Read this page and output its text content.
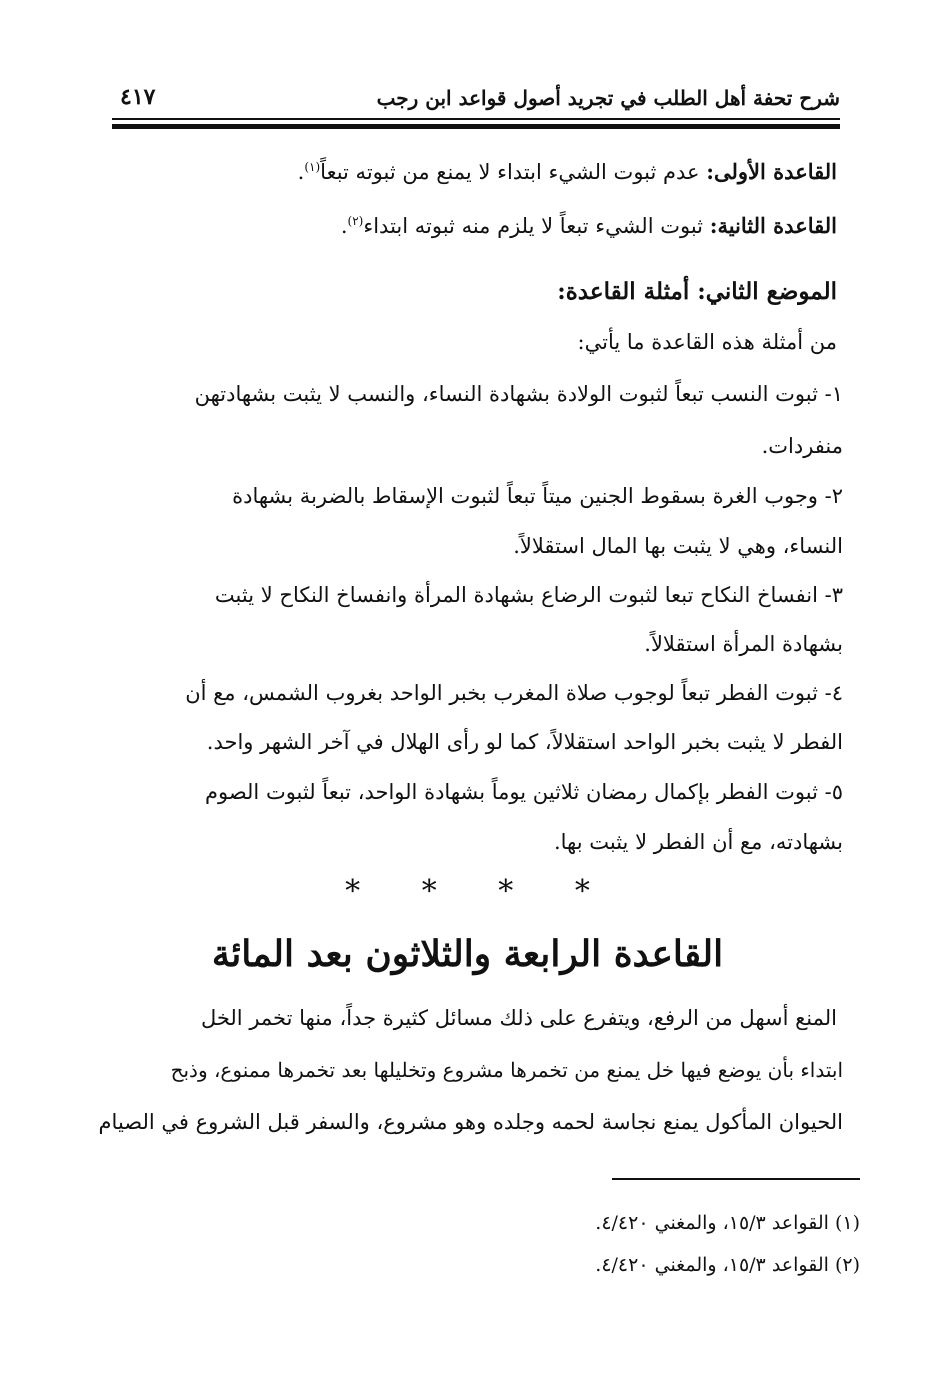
شرح تحفة أهل الطلب في تجريد أصول قواعد ابن رجب
٤١٧
القاعدة الأولى: عدم ثبوت الشيء ابتداء لا يمنع من ثبوته تبعاً$^{(١)}$.
القاعدة الثانية: ثبوت الشيء تبعاً لا يلزم منه ثبوته ابتداء$^{(٢)}$.
الموضع الثاني: أمثلة القاعدة:
من أمثلة هذه القاعدة ما يأتي:
١- ثبوت النسب تبعاً لثبوت الولادة بشهادة النساء، والنسب لا يثبت بشهادتهن
منفردات.
٢- وجوب الغرة بسقوط الجنين ميتاً تبعاً لثبوت الإسقاط بالضربة بشهادة
النساء، وهي لا يثبت بها المال استقلالاً.
٣- انفساخ النكاح تبعا لثبوت الرضاع بشهادة المرأة وانفساخ النكاح لا يثبت
بشهادة المرأة استقلالاً.
٤- ثبوت الفطر تبعاً لوجوب صلاة المغرب بخبر الواحد بغروب الشمس، مع أن
الفطر لا يثبت بخبر الواحد استقلالاً، كما لو رأى الهلال في آخر الشهر واحد.
٥- ثبوت الفطر بإكمال رمضان ثلاثين يوماً بشهادة الواحد، تبعاً لثبوت الصوم
بشهادته، مع أن الفطر لا يثبت بها.
* * * *
القاعدة الرابعة والثلاثون بعد المائة
المنع أسهل من الرفع، ويتفرع على ذلك مسائل كثيرة جداً، منها تخمر الخل
ابتداء بأن يوضع فيها خل يمنع من تخمرها مشروع وتخليلها بعد تخمرها ممنوع، وذبح
الحيوان المأكول يمنع نجاسة لحمه وجلده وهو مشروع، والسفر قبل الشروع في الصيام
(١) القواعد ١٥/٣، والمغني ٤/٤٢٠.
(٢) القواعد ١٥/٣، والمغني ٤/٤٢٠.
